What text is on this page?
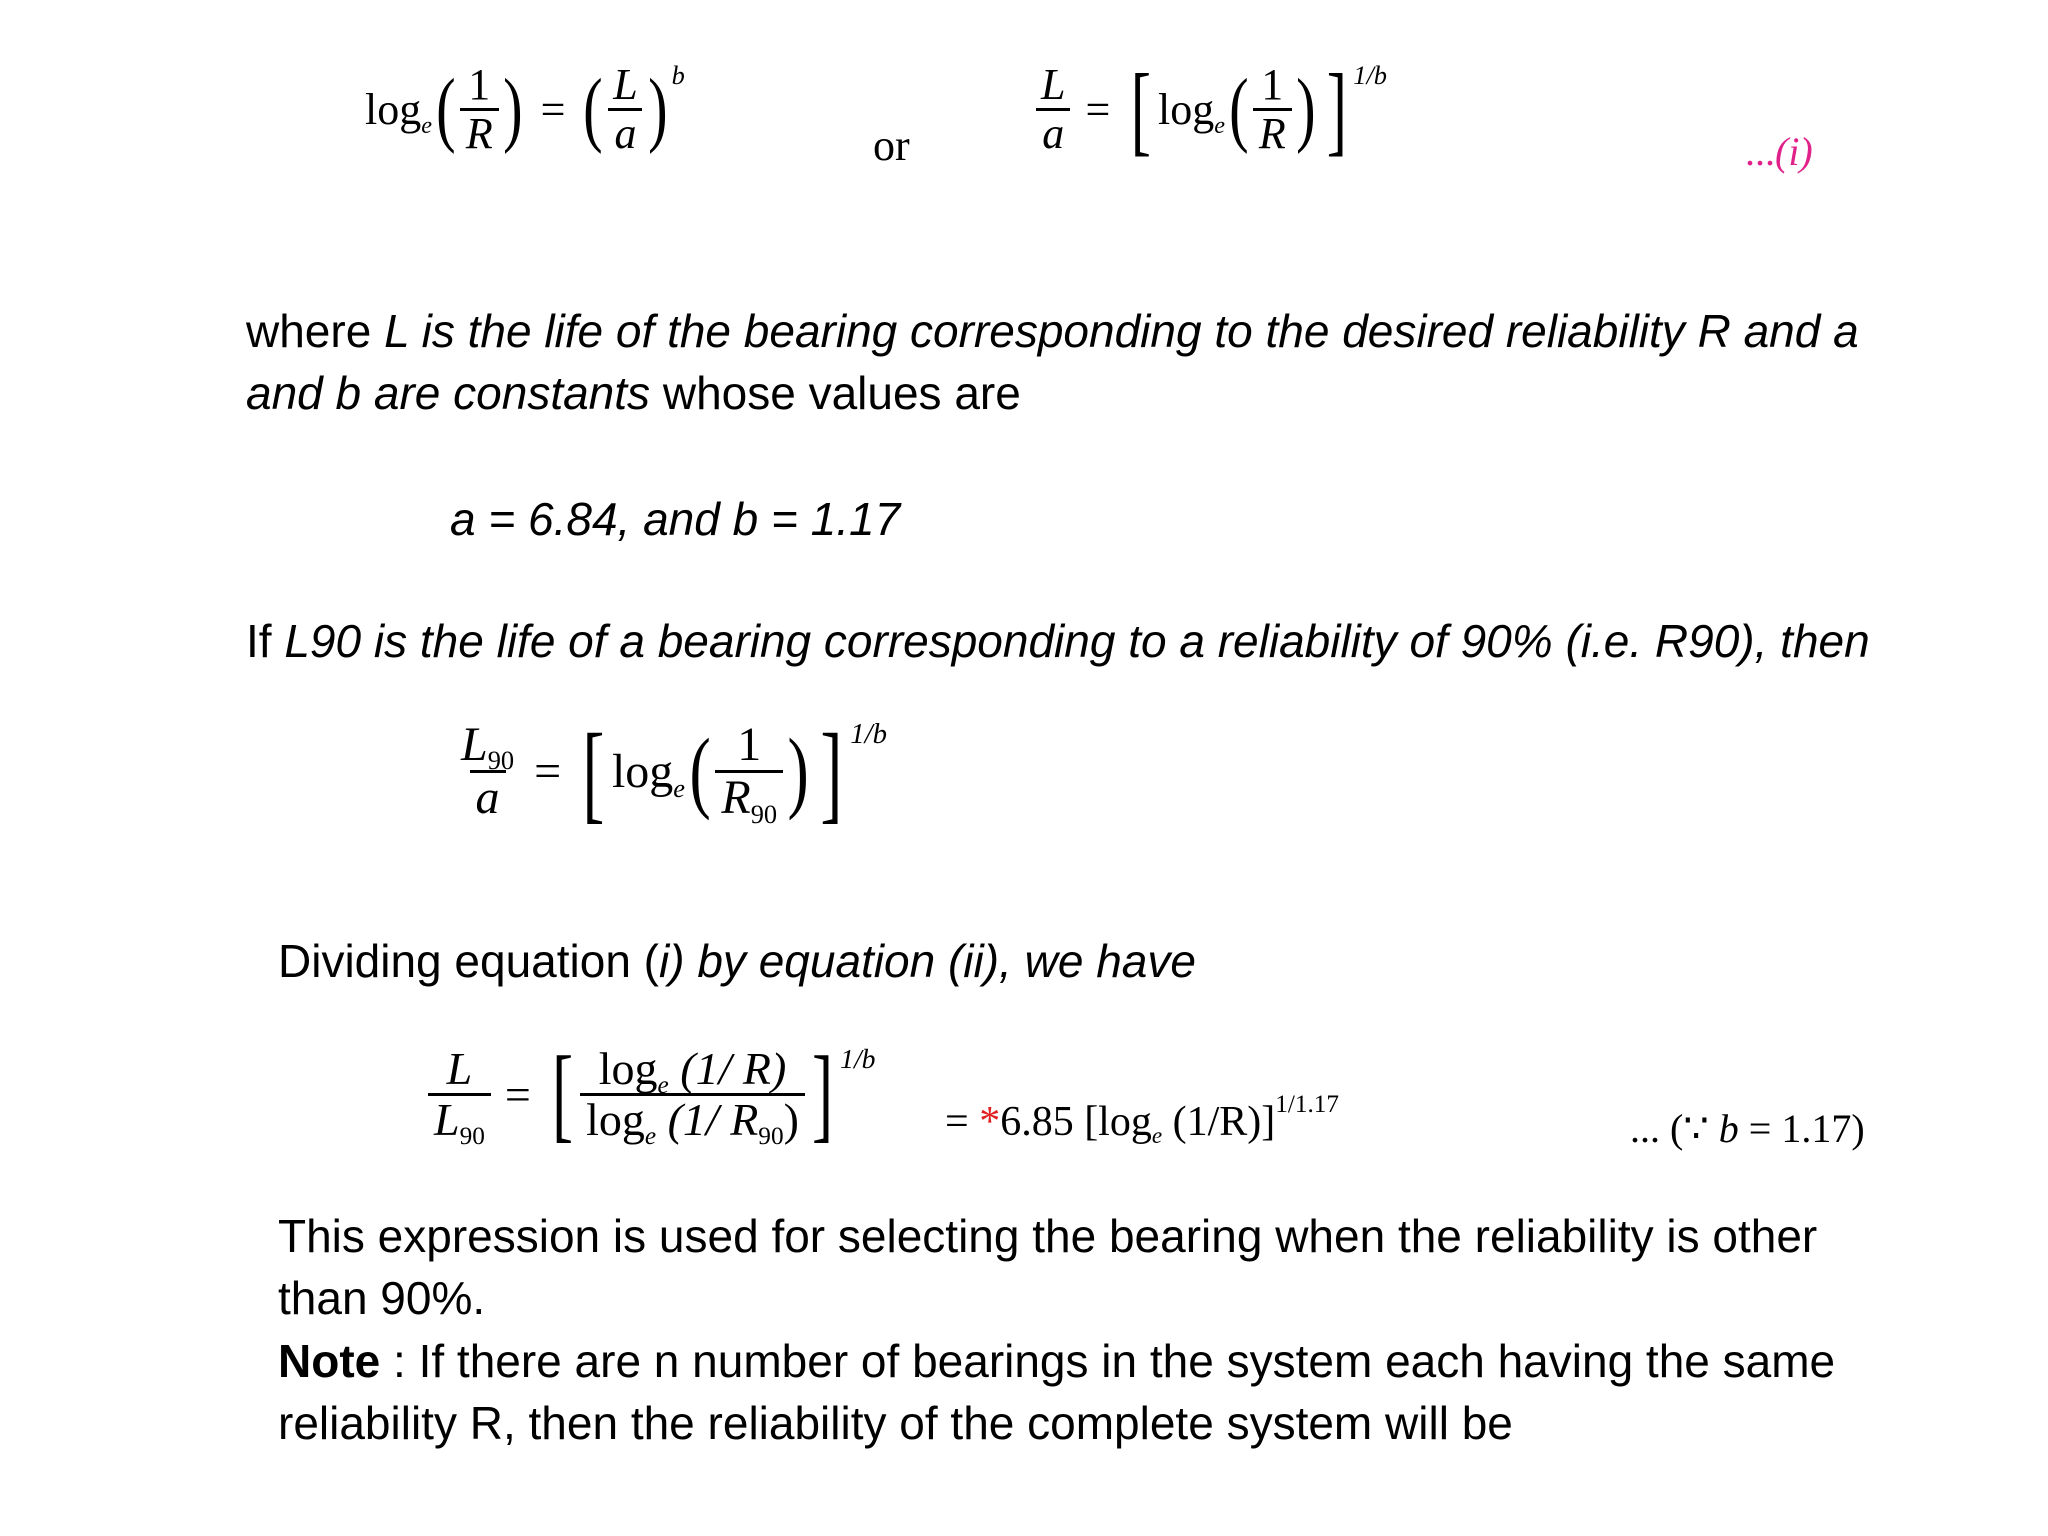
loge ( $\frac{1}{R}$ ) = ( $\frac{L}{a}$ ) b
or	$\frac{L}{a}$ = [ loge ( $\frac{1}{R}$ ) ] 1/b
...(i)
where L is the life of the bearing corresponding to the desired reliability R and a and b are constants whose values are
a = 6.84, and b = 1.17
If L90 is the life of a bearing corresponding to a reliability of 90% (i.e. R90), then
$\frac{L90}{a}$ = [ loge ( $\frac{1}{R90}$ ) ] 1/b
Dividing equation (i) by equation (ii), we have
$\frac{L}{L90}$ = [ $\frac{\log e (1/ R)}{\log e (1/ R90)}$ ] 1/b
= *6.85 [loge (1/R)]$^{1/1.17}$
... (∵ b = 1.17)
This expression is used for selecting the bearing when the reliability is other than 90%.
Note : If there are n number of bearings in the system each having the same reliability R, then the reliability of the complete system will be
